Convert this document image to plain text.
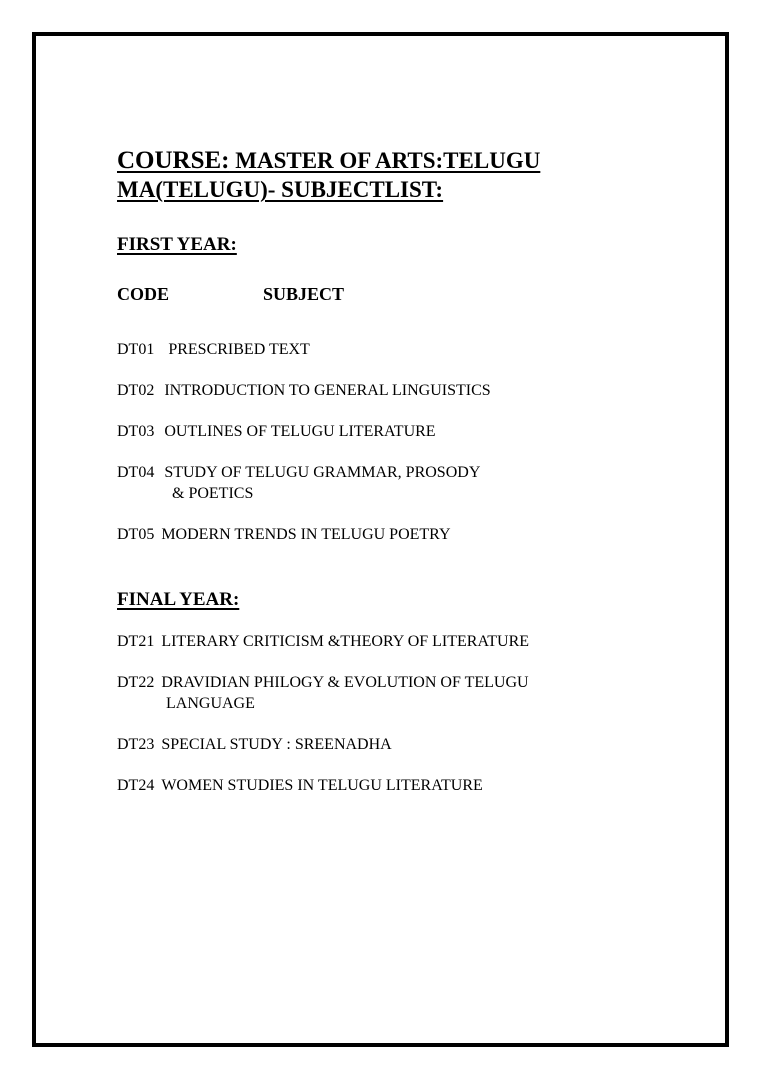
COURSE: MASTER OF ARTS:TELUGU
MA(TELUGU)- SUBJECTLIST:
FIRST YEAR:
CODE	SUBJECT
DT01 PRESCRIBED TEXT
DT02 INTRODUCTION TO GENERAL LINGUISTICS
DT03 OUTLINES OF TELUGU LITERATURE
DT04 STUDY OF TELUGU GRAMMAR, PROSODY
& POETICS
DT05 MODERN TRENDS IN TELUGU POETRY
FINAL YEAR:
DT21 LITERARY CRITICISM &THEORY OF LITERATURE
DT22 DRAVIDIAN PHILOGY & EVOLUTION OF TELUGU
LANGUAGE
DT23 SPECIAL STUDY : SREENADHA
DT24 WOMEN STUDIES IN TELUGU LITERATURE
